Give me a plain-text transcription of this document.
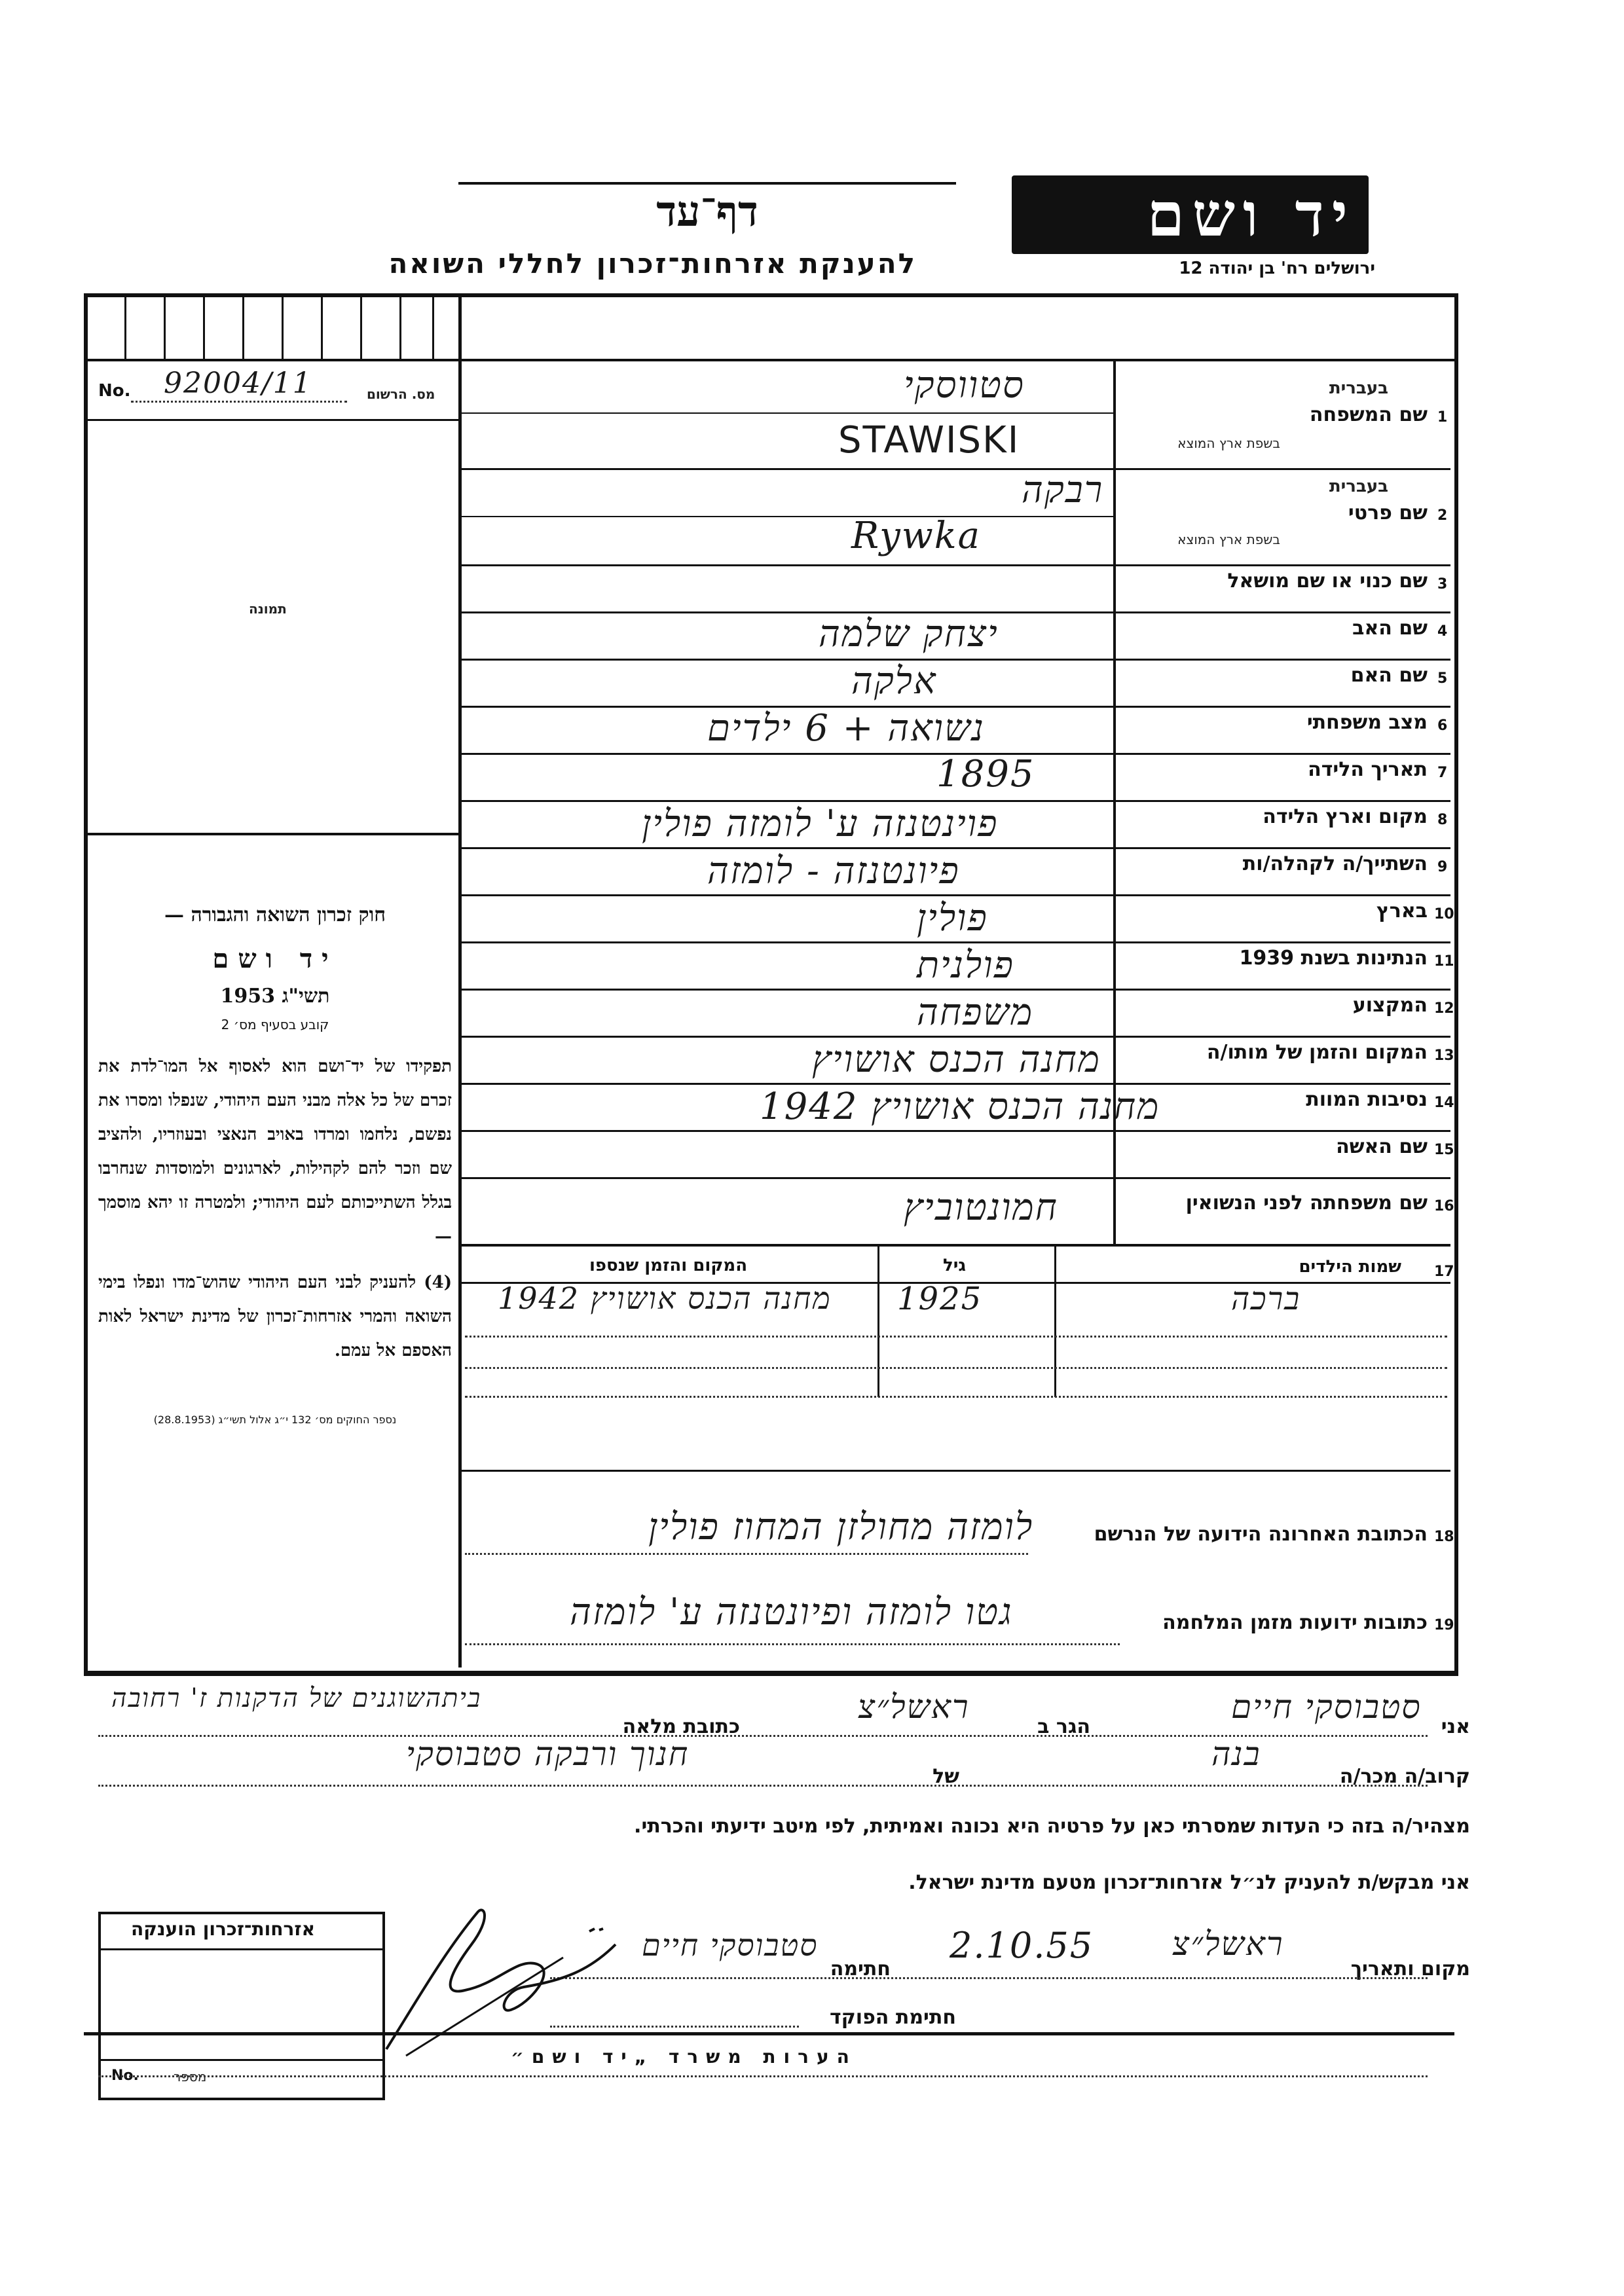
יד ושם
ירושלים רח' בן יהודה 12
דף־עד
להענקת אזרחות־זכרון לחללי השואה
No. 92004/11	מס. הרשום
תמונה
חוק זכרון השואה והגבורה —
יד ושם
תשי"ג 1953
קובע בסעיף מס׳ 2
תפקידו של יד־ושם הוא לאסוף אל המו־לדת את זכרם של כל אלה מבני העם היהודי, שנפלו ומסרו את נפשם, נלחמו ומרדו באויב הנאצי ובעוזריו, ולהציב שם וזכר להם לקהילות, לארגונים ולמוסדות שנחרבו בגלל השתייכותם לעם היהודי; ולמטרה זו יהא מוסמך —
(4) להעניק לבני העם היהודי שהוש־מדו ונפלו בימי השואה והמרי אזרחות־זכרון של מדינת ישראל לאות האספם אל עמם.
נספר החוקים מס׳ 132 י״ג אלול תשי״ג (28.8.1953)
1
שם המשפחה
בעברית
בשפת ארץ המוצא
סטווסקי
STAWISKI
2
שם פרטי
בעברית
בשפת ארץ המוצא
רבקה
Rywka
3
שם כנוי או שם מושאל
4
שם האב
יצחק שלמה
5
שם האם
אלקה
6
מצב משפחתי
נשואה + 6 ילדים
7
תאריך הלידה
1895
8
מקום וארץ הלידה
פוינטנזה ע' לומזה פולין
9
השתייך/ה לקהלה/ות
פיונטנזה - לומזה
10
בארץ
פולין
11
הנתינות בשנת 1939
פולנית
12
המקצוע
משפחה
13
המקום והזמן של מותו/ה
מחנה הכנס אושויץ
14
נסיבות המוות
מחנה הכנס אושויץ 1942
15
שם האשה
16
שם משפחתה לפני הנשואין
חמונטוביץ
17
שמות הילדים
גיל
המקום והזמן שנספו
ברכה
1925
מחנה הכנס אושויץ 1942
18
הכתובת האחרונה הידועה של הנרשם
לומזה מחולזן המחוז פולין
19
כתובות ידועות מזמן המלחמה
גטו לומזה ופיונטנזה ע' לומזה
אני
סטבוסקי חיים
הגר ב
ראשל״צ
כתובת מלאה
ביתהשוגנים של הדקנות ז' רחובה
קרוב/ה מכר/ה
בנה
של
חנוך ורבקה סטבוסקי
מצהיר/ה בזה כי העדות שמסרתי כאן על פרטיה היא נכונה ואמיתית, לפי מיטב ידיעתי והכרתי.
אני מבקש/ת להעניק לנ״ל אזרחות־זכרון מטעם מדינת ישראל.
אזרחות־זכרון הוענקה
No.	מספר
מקום ותאריך
ראשל״צ
2.10.55
חתימה
סטבוסקי חיים
חתימת הפוקד
הערות משרד „יד ושם״
